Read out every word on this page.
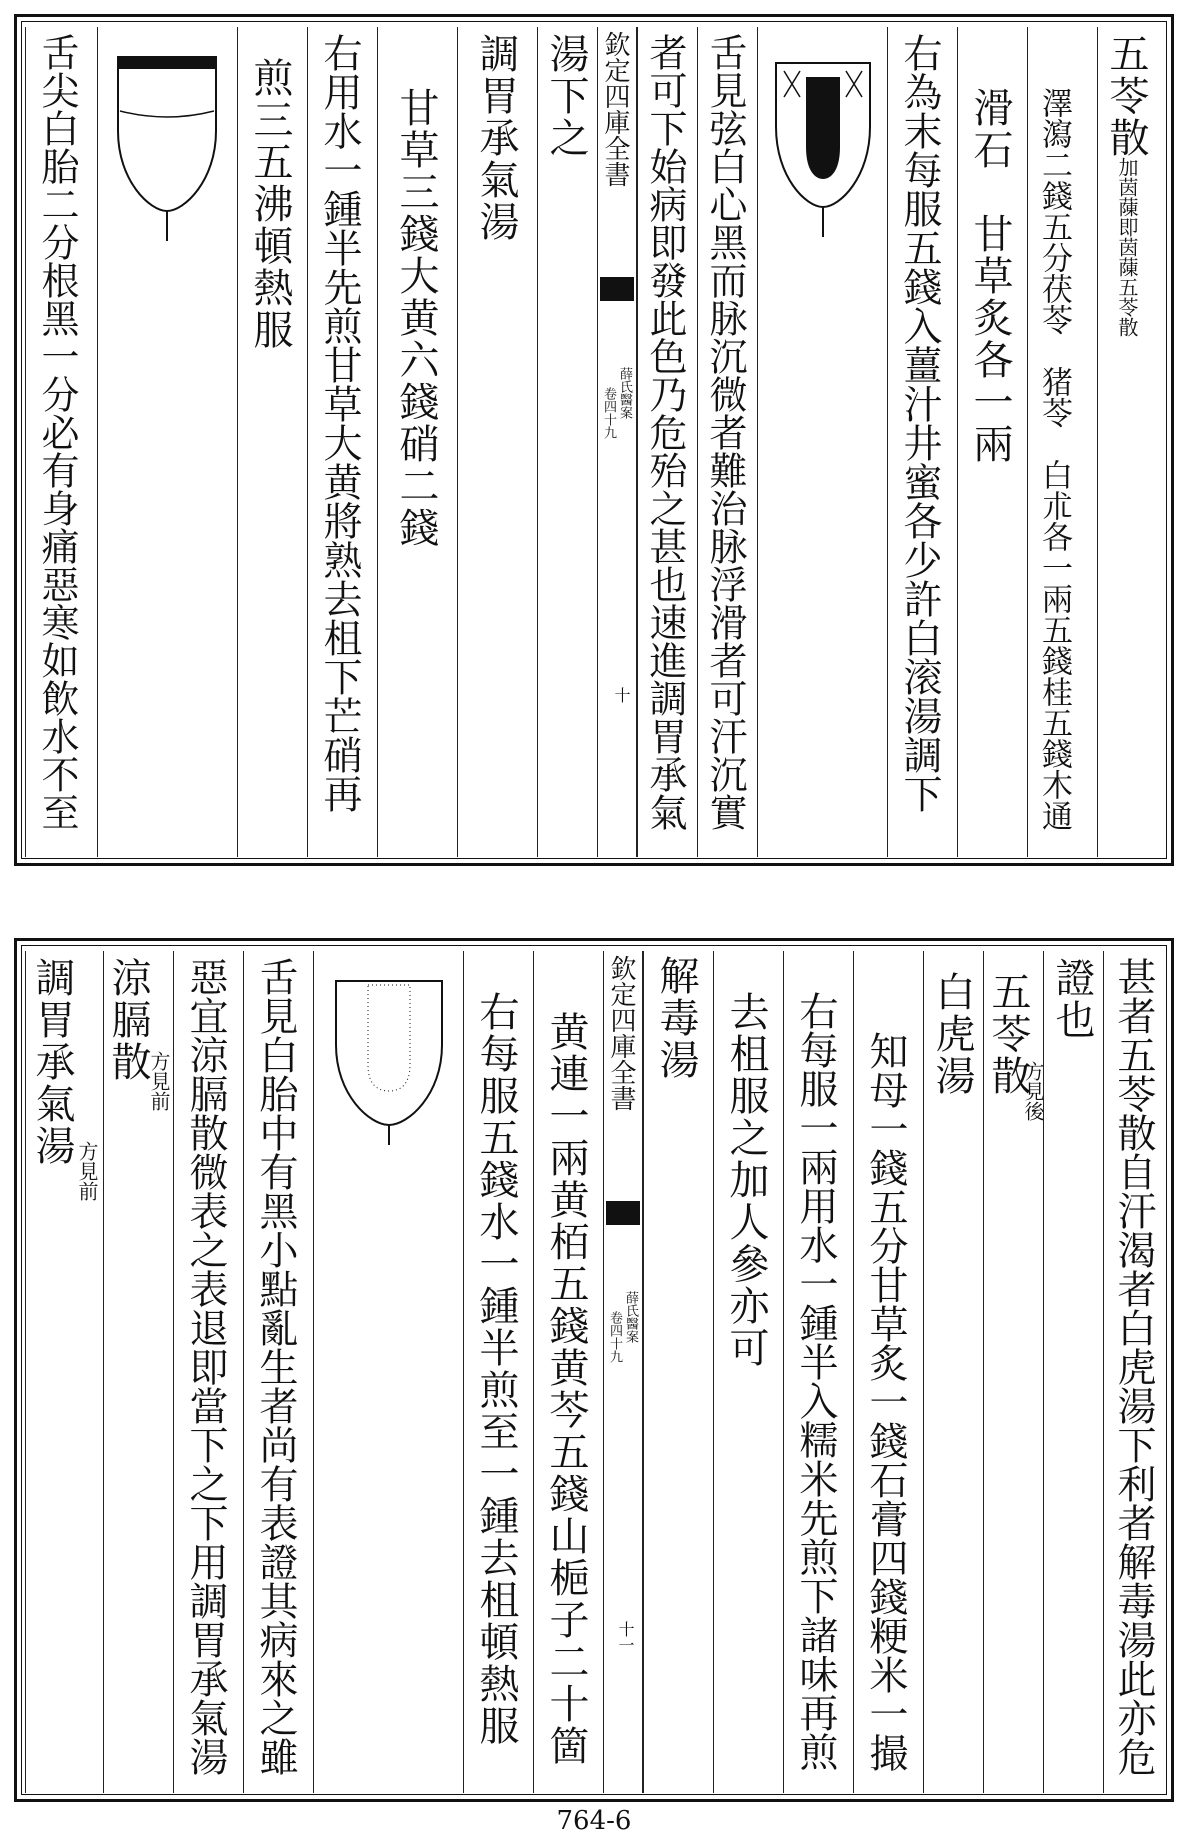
五苓散
加茵蔯即茵蔯五苓散
澤瀉二錢五分茯苓　猪苓　白朮各一兩五錢桂五錢木通
滑石　甘草炙各一兩
右為末每服五錢入薑汁井蜜各少許白滚湯調下
舌見弦白心黑而脉沉微者難治脉浮滑者可汗沉實
者可下始病即發此色乃危殆之甚也速進調胃承氣
欽定四庫全書
薛氏醫案
卷四十九
十
湯下之
調胃承氣湯
甘草三錢大黄六錢硝二錢
右用水一鍾半先煎甘草大黄將熟去柤下芒硝再
煎三五沸頓熱服
舌尖白胎二分根黑一分必有身痛惡寒如飲水不至
甚者五苓散自汗渴者白虎湯下利者解毒湯此亦危
證也
五苓散
方見後
白虎湯
知母一錢五分甘草炙一錢石膏四錢粳米一撮
右每服一兩用水一鍾半入糯米先煎下諸味再煎
去柤服之加人參亦可
解毒湯
欽定四庫全書
薛氏醫案
卷四十九
十一
黄連一兩黄栢五錢黄芩五錢山梔子二十箇
右每服五錢水一鍾半煎至一鍾去柤頓熱服
舌見白胎中有黑小點亂生者尚有表證其病來之雖
惡宜涼膈散微表之表退即當下之下用調胃承氣湯
涼膈散
方見前
調胃承氣湯
方見前
764-6
